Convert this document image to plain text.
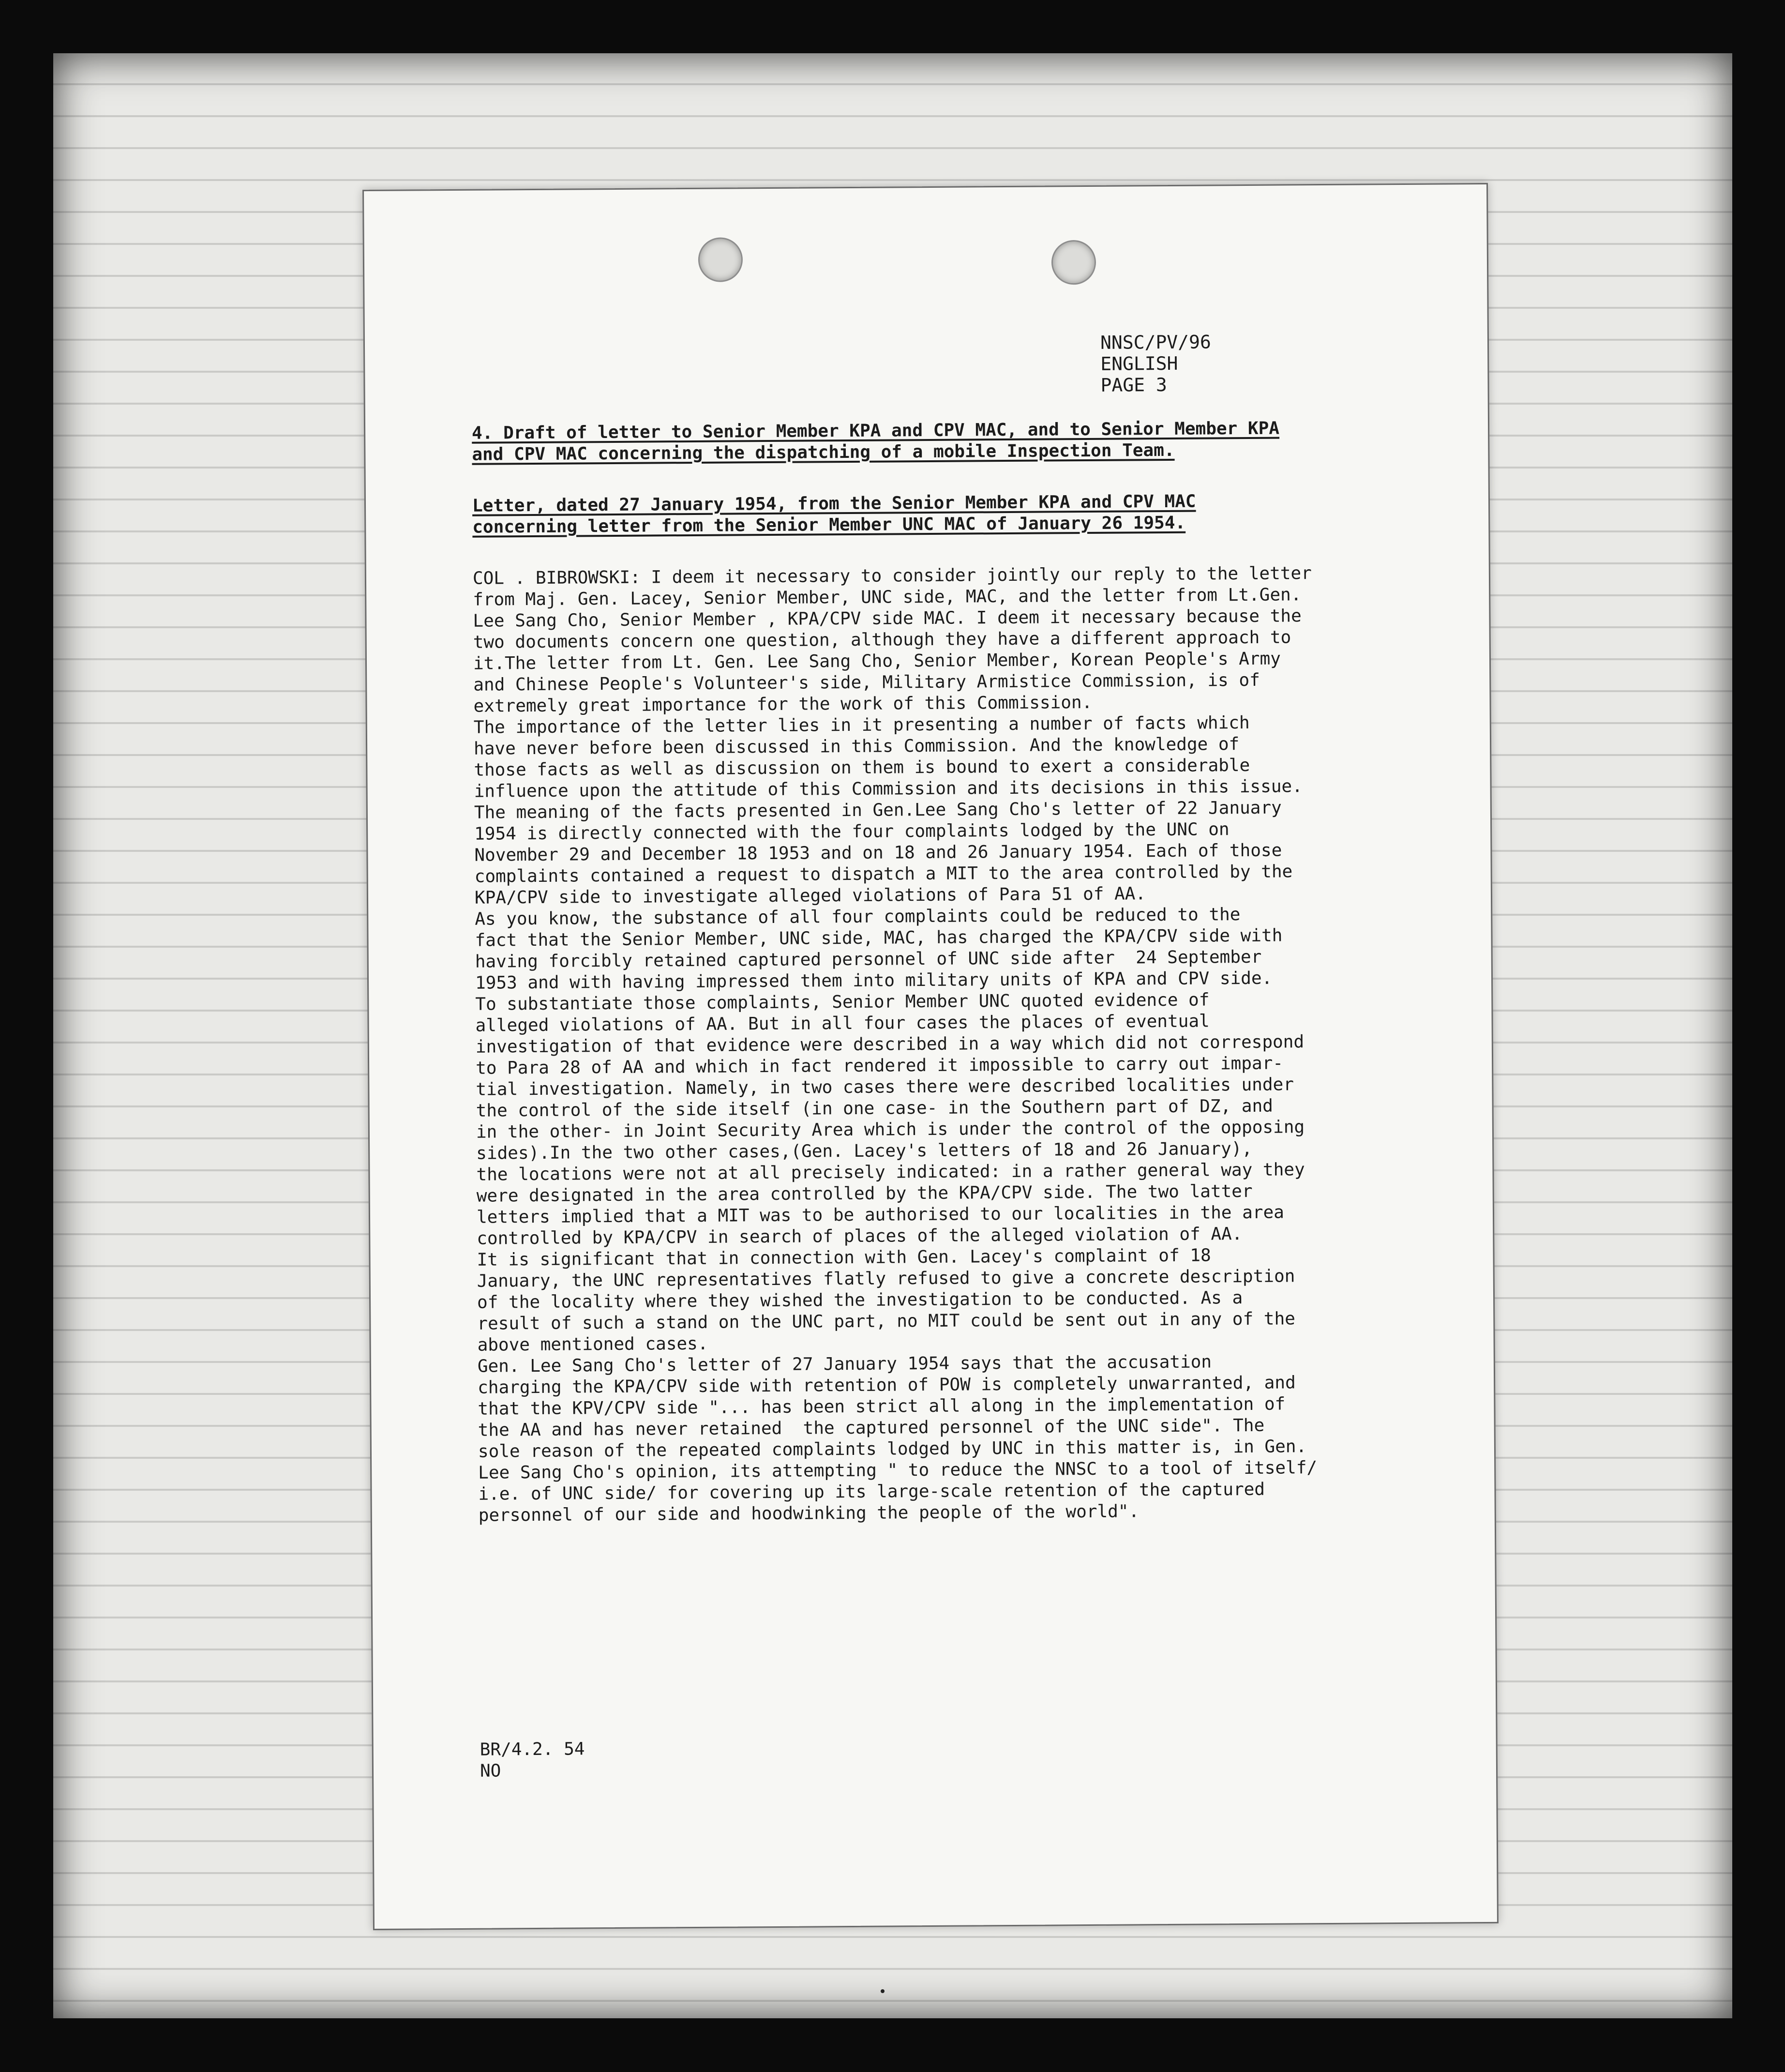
NNSC/PV/96
ENGLISH
PAGE 3
4. Draft of letter to Senior Member KPA and CPV MAC, and to Senior Member KPA
and CPV MAC concerning the dispatching of a mobile Inspection Team.
Letter, dated 27 January 1954, from the Senior Member KPA and CPV MAC
concerning letter from the Senior Member UNC MAC of January 26 1954.
COL . BIBROWSKI: I deem it necessary to consider jointly our reply to the letter
from Maj. Gen. Lacey, Senior Member, UNC side, MAC, and the letter from Lt.Gen.
Lee Sang Cho, Senior Member , KPA/CPV side MAC. I deem it necessary because the
two documents concern one question, although they have a different approach to
it.The letter from Lt. Gen. Lee Sang Cho, Senior Member, Korean People's Army
and Chinese People's Volunteer's side, Military Armistice Commission, is of
extremely great importance for the work of this Commission.
The importance of the letter lies in it presenting a number of facts which
have never before been discussed in this Commission. And the knowledge of
those facts as well as discussion on them is bound to exert a considerable
influence upon the attitude of this Commission and its decisions in this issue.
The meaning of the facts presented in Gen.Lee Sang Cho's letter of 22 January
1954 is directly connected with the four complaints lodged by the UNC on
November 29 and December 18 1953 and on 18 and 26 January 1954. Each of those
complaints contained a request to dispatch a MIT to the area controlled by the
KPA/CPV side to investigate alleged violations of Para 51 of AA.
As you know, the substance of all four complaints could be reduced to the
fact that the Senior Member, UNC side, MAC, has charged the KPA/CPV side with
having forcibly retained captured personnel of UNC side after  24 September
1953 and with having impressed them into military units of KPA and CPV side.
To substantiate those complaints, Senior Member UNC quoted evidence of
alleged violations of AA. But in all four cases the places of eventual
investigation of that evidence were described in a way which did not correspond
to Para 28 of AA and which in fact rendered it impossible to carry out impar-
tial investigation. Namely, in two cases there were described localities under
the control of the side itself (in one case- in the Southern part of DZ, and
in the other- in Joint Security Area which is under the control of the opposing
sides).In the two other cases,(Gen. Lacey's letters of 18 and 26 January),
the locations were not at all precisely indicated: in a rather general way they
were designated in the area controlled by the KPA/CPV side. The two latter
letters implied that a MIT was to be authorised to our localities in the area
controlled by KPA/CPV in search of places of the alleged violation of AA.
It is significant that in connection with Gen. Lacey's complaint of 18
January, the UNC representatives flatly refused to give a concrete description
of the locality where they wished the investigation to be conducted. As a
result of such a stand on the UNC part, no MIT could be sent out in any of the
above mentioned cases.
Gen. Lee Sang Cho's letter of 27 January 1954 says that the accusation
charging the KPA/CPV side with retention of POW is completely unwarranted, and
that the KPV/CPV side "... has been strict all along in the implementation of
the AA and has never retained  the captured personnel of the UNC side". The
sole reason of the repeated complaints lodged by UNC in this matter is, in Gen.
Lee Sang Cho's opinion, its attempting " to reduce the NNSC to a tool of itself/
i.e. of UNC side/ for covering up its large-scale retention of the captured
personnel of our side and hoodwinking the people of the world".
BR/4.2. 54
NO
